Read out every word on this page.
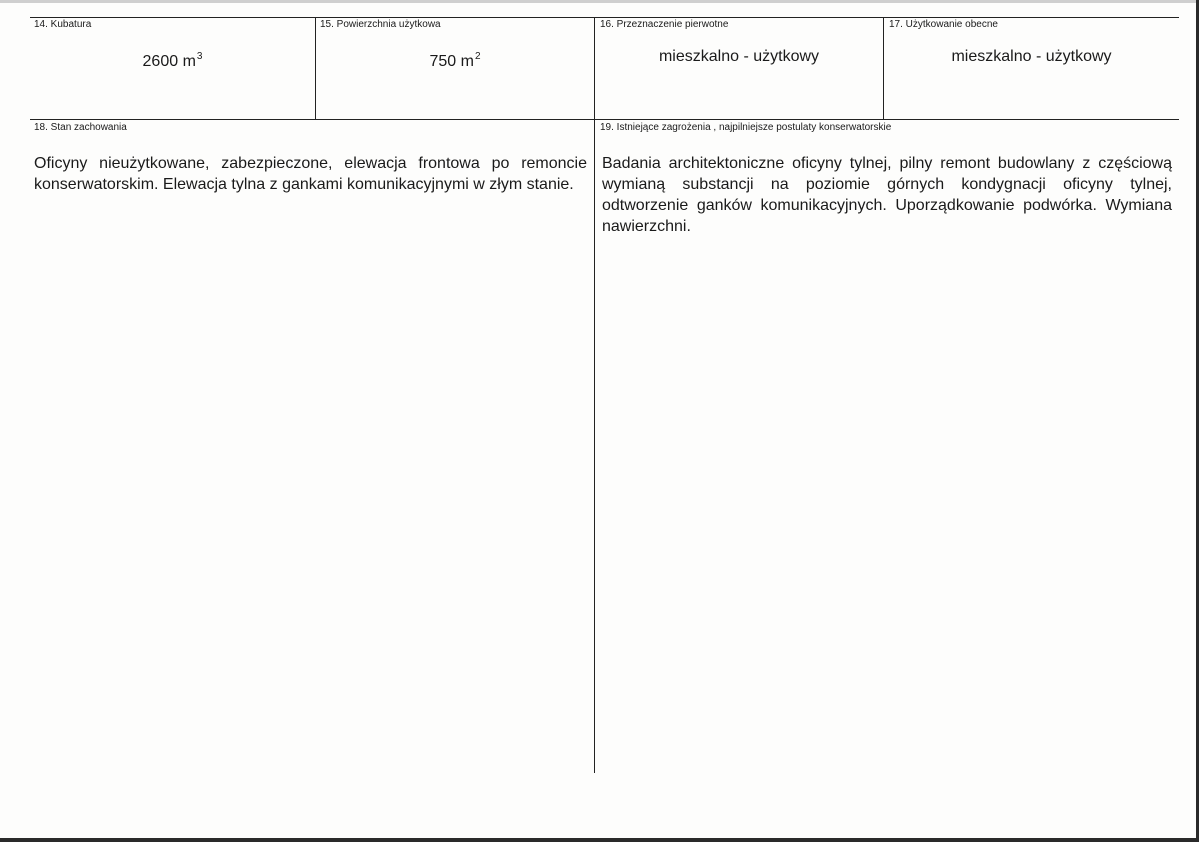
14. Kubatura
2600 $m^3$
15. Powierzchnia użytkowa
750 $m^2$
16. Przeznaczenie pierwotne
mieszkalno - użytkowy
17. Użytkowanie obecne
mieszkalno - użytkowy
18. Stan zachowania
Oficyny nieużytkowane, zabezpieczone, elewacja frontowa po remoncie konserwatorskim. Elewacja tylna z gankami komunikacyjnymi w złym stanie.
19. Istniejące zagrożenia , najpilniejsze postulaty konserwatorskie
Badania architektoniczne oficyny tylnej, pilny remont budowlany z częściową wymianą substancji na poziomie górnych kondygnacji oficyny tylnej, odtworzenie ganków komunikacyjnych. Uporządkowanie podwórka. Wymiana nawierzchni.
